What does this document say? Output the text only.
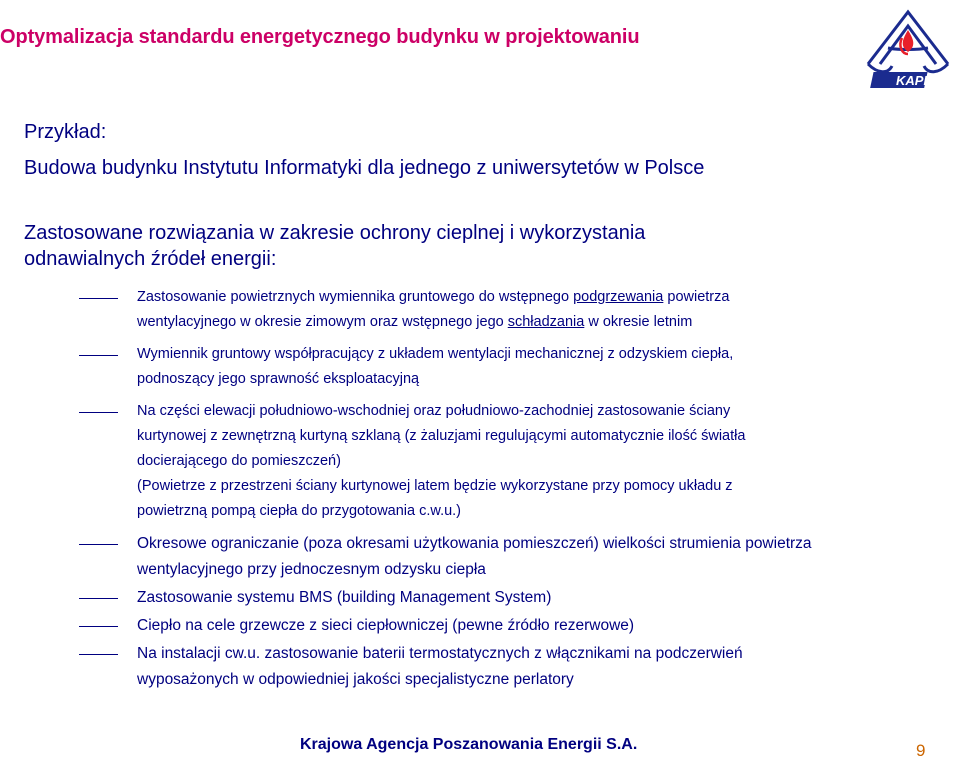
Optymalizacja standardu energetycznego budynku w projektowaniu
KAPE
Przykład:
Budowa budynku Instytutu Informatyki dla jednego z uniwersytetów w Polsce
Zastosowane rozwiązania w zakresie ochrony cieplnej i wykorzystania
odnawialnych źródeł energii:
Zastosowanie powietrznych wymiennika gruntowego do wstępnego podgrzewania powietrza
wentylacyjnego w okresie zimowym oraz wstępnego jego schładzania w okresie letnim
Wymiennik gruntowy współpracujący z układem wentylacji mechanicznej z odzyskiem ciepła,
podnoszący jego sprawność eksploatacyjną
Na części elewacji południowo-wschodniej oraz południowo-zachodniej zastosowanie ściany
kurtynowej z zewnętrzną kurtyną szklaną (z żaluzjami regulującymi automatycznie ilość światła
docierającego do pomieszczeń)
(Powietrze z przestrzeni ściany kurtynowej latem będzie wykorzystane przy pomocy układu z
powietrzną pompą ciepła do przygotowania c.w.u.)
Okresowe ograniczanie (poza okresami użytkowania pomieszczeń) wielkości strumienia powietrza
wentylacyjnego przy jednoczesnym odzysku ciepła
Zastosowanie systemu BMS (building Management System)
Ciepło na cele grzewcze z sieci ciepłowniczej (pewne źródło rezerwowe)
Na instalacji cw.u. zastosowanie baterii termostatycznych z włącznikami na podczerwień
wyposażonych w odpowiedniej jakości specjalistyczne perlatory
Krajowa Agencja Poszanowania Energii S.A.	9
